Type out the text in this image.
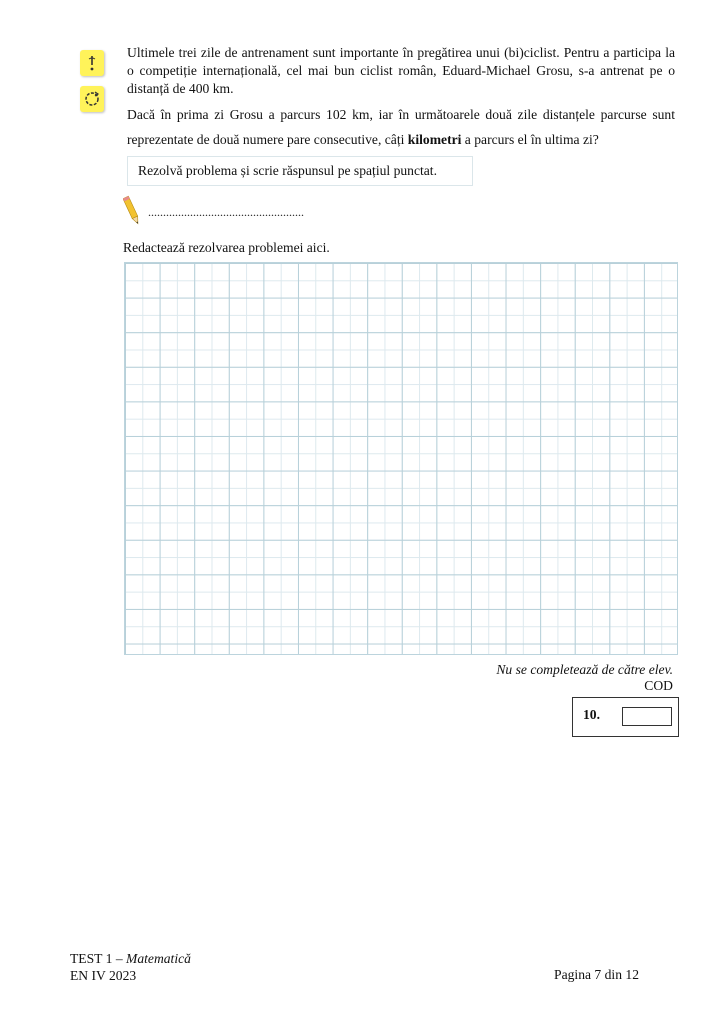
Ultimele trei zile de antrenament sunt importante în pregătirea unui (bi)ciclist. Pentru a participa la o competiție internațională, cel mai bun ciclist român, Eduard-Michael Grosu, s-a antrenat pe o distanță de 400 km.

Dacă în prima zi Grosu a parcurs 102 km, iar în următoarele două zile distanțele parcurse sunt reprezentate de două numere pare consecutive, câți kilometri a parcurs el în ultima zi?

Rezolvă problema și scrie răspunsul pe spațiul punctat.
....................................................
Redactează rezolvarea problemei aici.
Nu se completează de către elev.
COD
10.
TEST 1 – Matematică
EN IV 2023	Pagina 7 din 12
